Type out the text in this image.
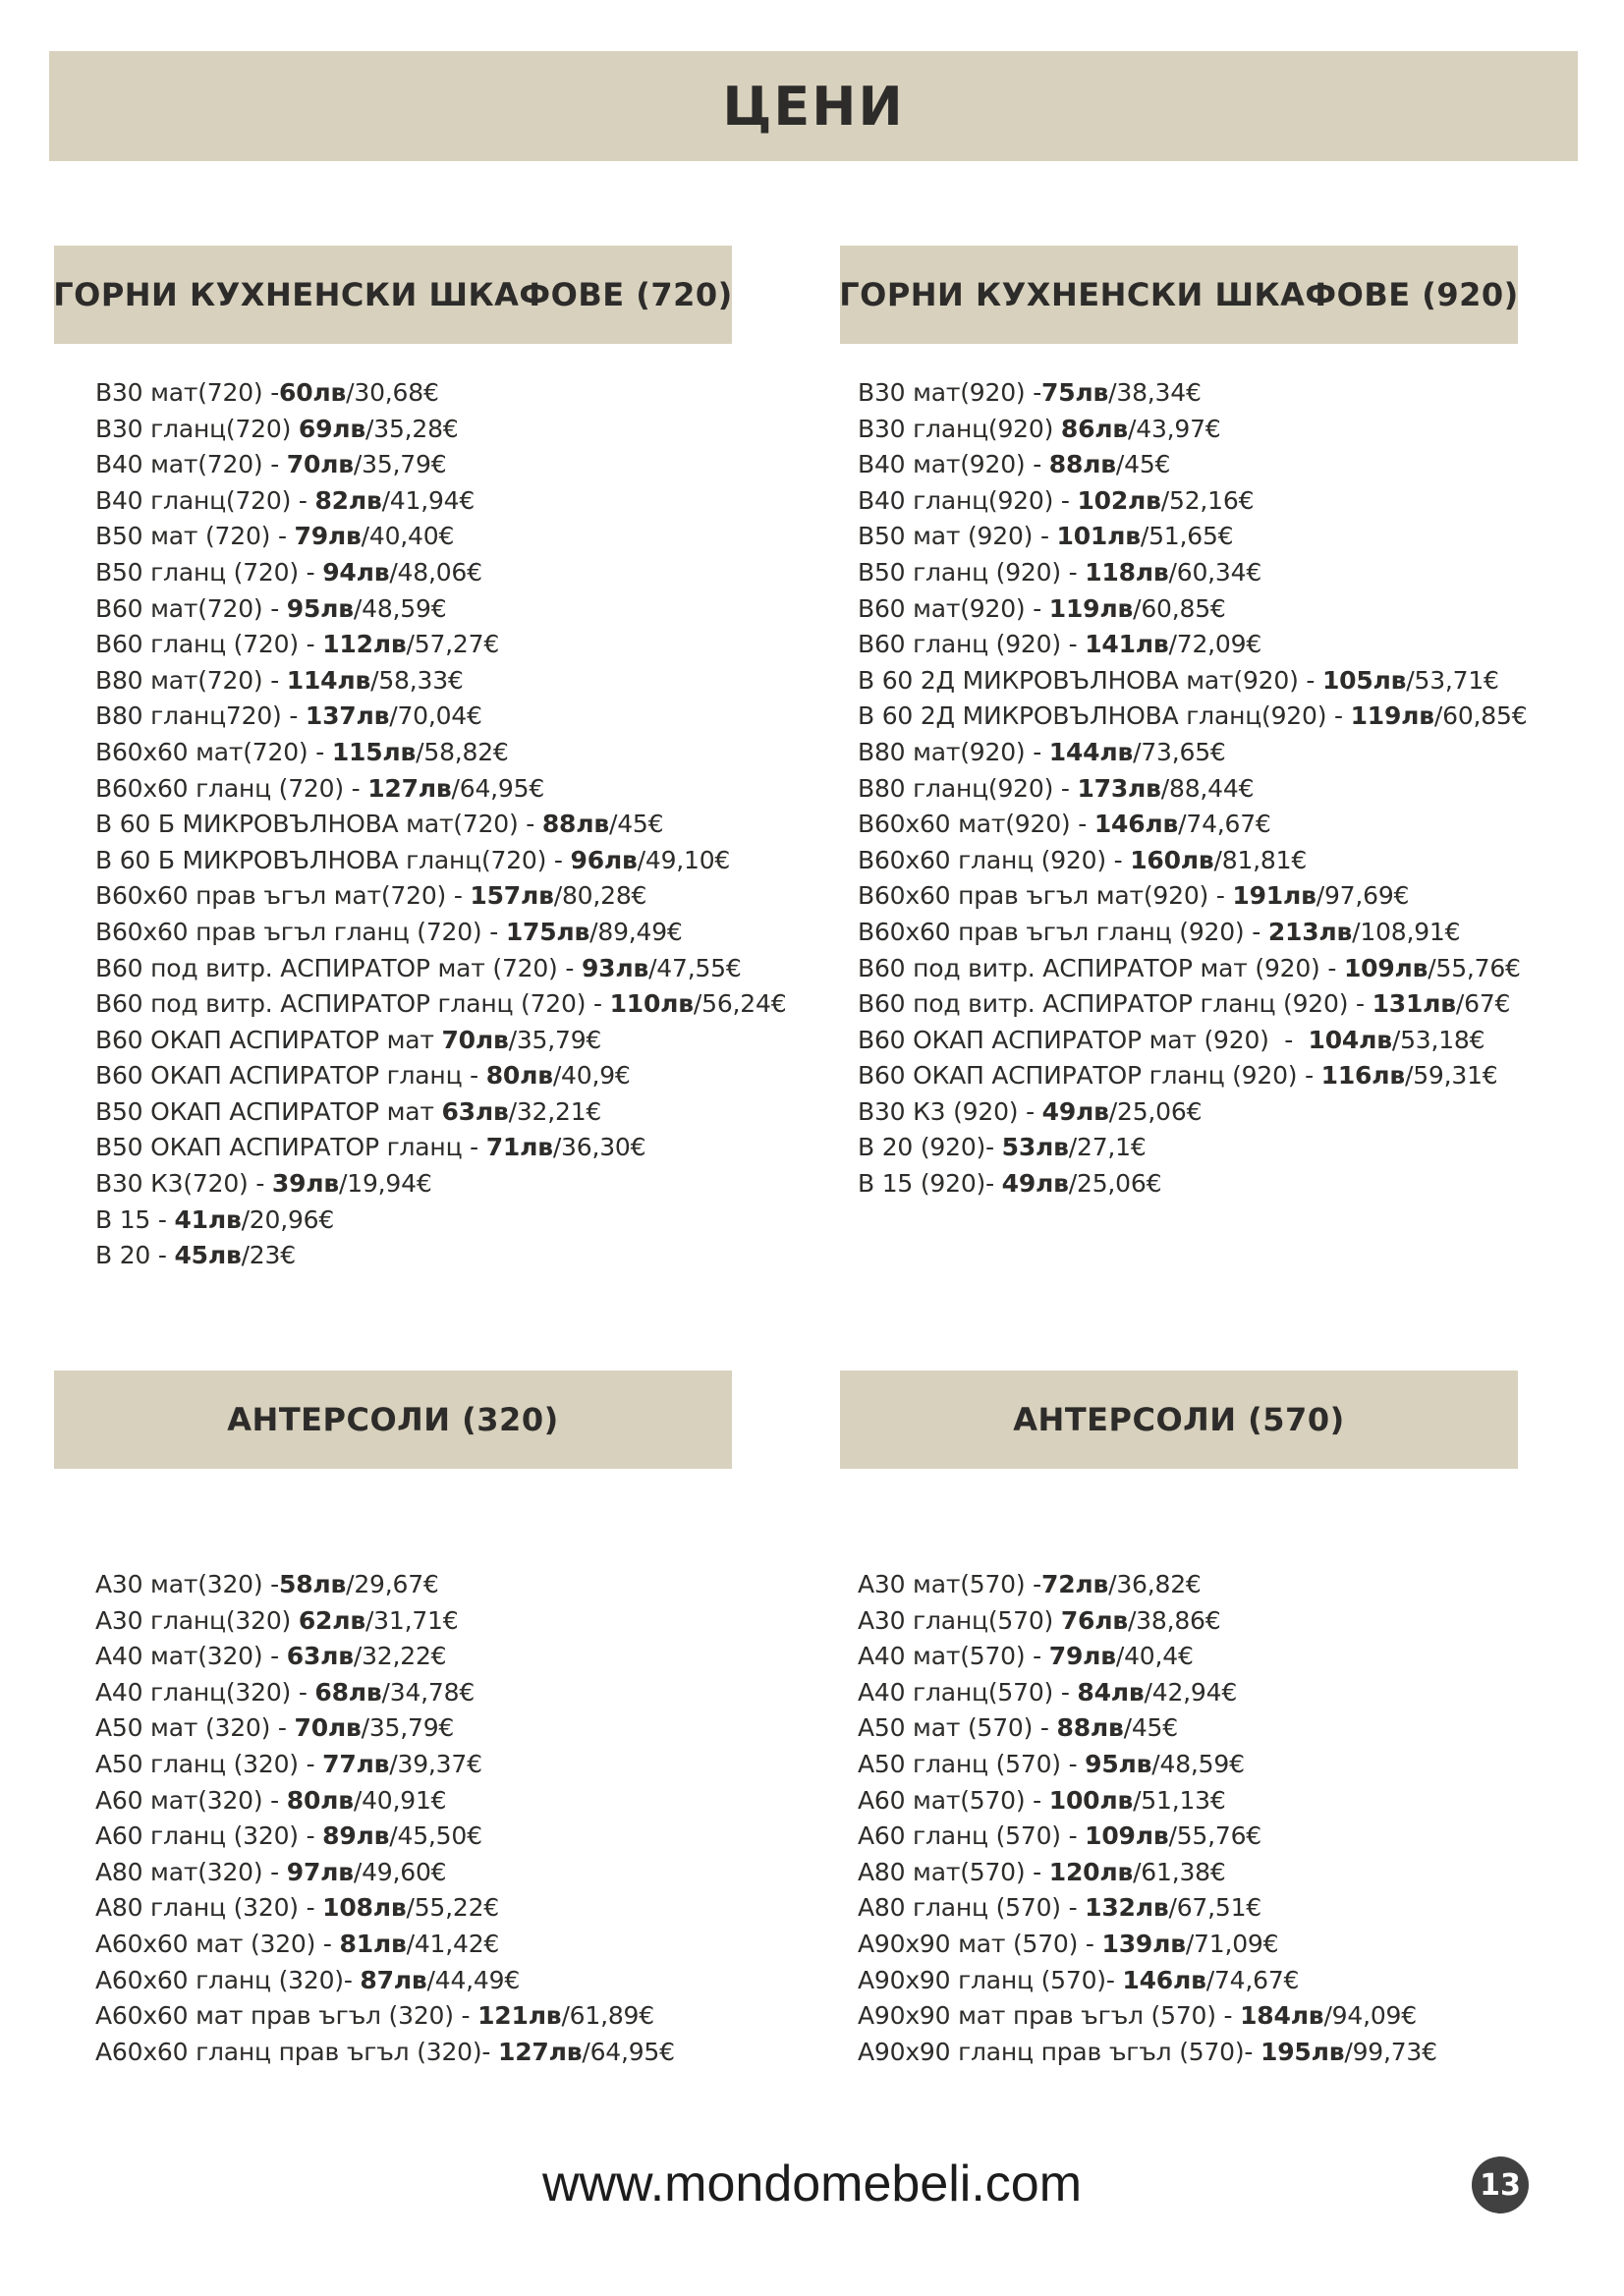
ЦЕНИ
ГОРНИ КУХНЕНСКИ ШКАФОВЕ (720)
В30 мат(720) -60лв/30,68€
В30 гланц(720) 69лв/35,28€
В40 мат(720) - 70лв/35,79€
В40 гланц(720) - 82лв/41,94€
В50 мат (720) - 79лв/40,40€
В50 гланц (720) - 94лв/48,06€
В60 мат(720) - 95лв/48,59€
В60 гланц (720) - 112лв/57,27€
В80 мат(720) - 114лв/58,33€
В80 гланц720) - 137лв/70,04€
В60х60 мат(720) - 115лв/58,82€
В60х60 гланц (720) - 127лв/64,95€
В 60 Б МИКРОВЪЛНОВА мат(720) - 88лв/45€
В 60 Б МИКРОВЪЛНОВА гланц(720) - 96лв/49,10€
В60х60 прав ъгъл мат(720) - 157лв/80,28€
В60х60 прав ъгъл гланц (720) - 175лв/89,49€
В60 под витр. АСПИРАТОР мат (720) - 93лв/47,55€
В60 под витр. АСПИРАТОР гланц (720) - 110лв/56,24€
В60 ОКАП АСПИРАТОР мат 70лв/35,79€
В60 ОКАП АСПИРАТОР гланц - 80лв/40,9€
В50 ОКАП АСПИРАТОР мат 63лв/32,21€
В50 ОКАП АСПИРАТОР гланц - 71лв/36,30€
В30 К3(720) - 39лв/19,94€
В 15 - 41лв/20,96€
В 20 - 45лв/23€
ГОРНИ КУХНЕНСКИ ШКАФОВЕ (920)
В30 мат(920) -75лв/38,34€
В30 гланц(920) 86лв/43,97€
В40 мат(920) - 88лв/45€
В40 гланц(920) - 102лв/52,16€
В50 мат (920) - 101лв/51,65€
В50 гланц (920) - 118лв/60,34€
В60 мат(920) - 119лв/60,85€
В60 гланц (920) - 141лв/72,09€
В 60 2Д МИКРОВЪЛНОВА мат(920) - 105лв/53,71€
В 60 2Д МИКРОВЪЛНОВА гланц(920) - 119лв/60,85€
В80 мат(920) - 144лв/73,65€
В80 гланц(920) - 173лв/88,44€
В60х60 мат(920) - 146лв/74,67€
В60х60 гланц (920) - 160лв/81,81€
В60х60 прав ъгъл мат(920) - 191лв/97,69€
В60х60 прав ъгъл гланц (920) - 213лв/108,91€
В60 под витр. АСПИРАТОР мат (920) - 109лв/55,76€
В60 под витр. АСПИРАТОР гланц (920) - 131лв/67€
В60 ОКАП АСПИРАТОР мат (920)  -  104лв/53,18€
В60 ОКАП АСПИРАТОР гланц (920) - 116лв/59,31€
В30 К3 (920) - 49лв/25,06€
В 20 (920)- 53лв/27,1€
В 15 (920)- 49лв/25,06€
АНТЕРСОЛИ (320)
А30 мат(320) -58лв/29,67€
А30 гланц(320) 62лв/31,71€
А40 мат(320) - 63лв/32,22€
А40 гланц(320) - 68лв/34,78€
А50 мат (320) - 70лв/35,79€
А50 гланц (320) - 77лв/39,37€
А60 мат(320) - 80лв/40,91€
А60 гланц (320) - 89лв/45,50€
А80 мат(320) - 97лв/49,60€
А80 гланц (320) - 108лв/55,22€
А60х60 мат (320) - 81лв/41,42€
А60х60 гланц (320)- 87лв/44,49€
А60х60 мат прав ъгъл (320) - 121лв/61,89€
А60х60 гланц прав ъгъл (320)- 127лв/64,95€
АНТЕРСОЛИ (570)
А30 мат(570) -72лв/36,82€
А30 гланц(570) 76лв/38,86€
А40 мат(570) - 79лв/40,4€
А40 гланц(570) - 84лв/42,94€
А50 мат (570) - 88лв/45€
А50 гланц (570) - 95лв/48,59€
А60 мат(570) - 100лв/51,13€
А60 гланц (570) - 109лв/55,76€
А80 мат(570) - 120лв/61,38€
А80 гланц (570) - 132лв/67,51€
А90х90 мат (570) - 139лв/71,09€
А90х90 гланц (570)- 146лв/74,67€
А90х90 мат прав ъгъл (570) - 184лв/94,09€
А90х90 гланц прав ъгъл (570)- 195лв/99,73€
www.mondomebeli.com	13
